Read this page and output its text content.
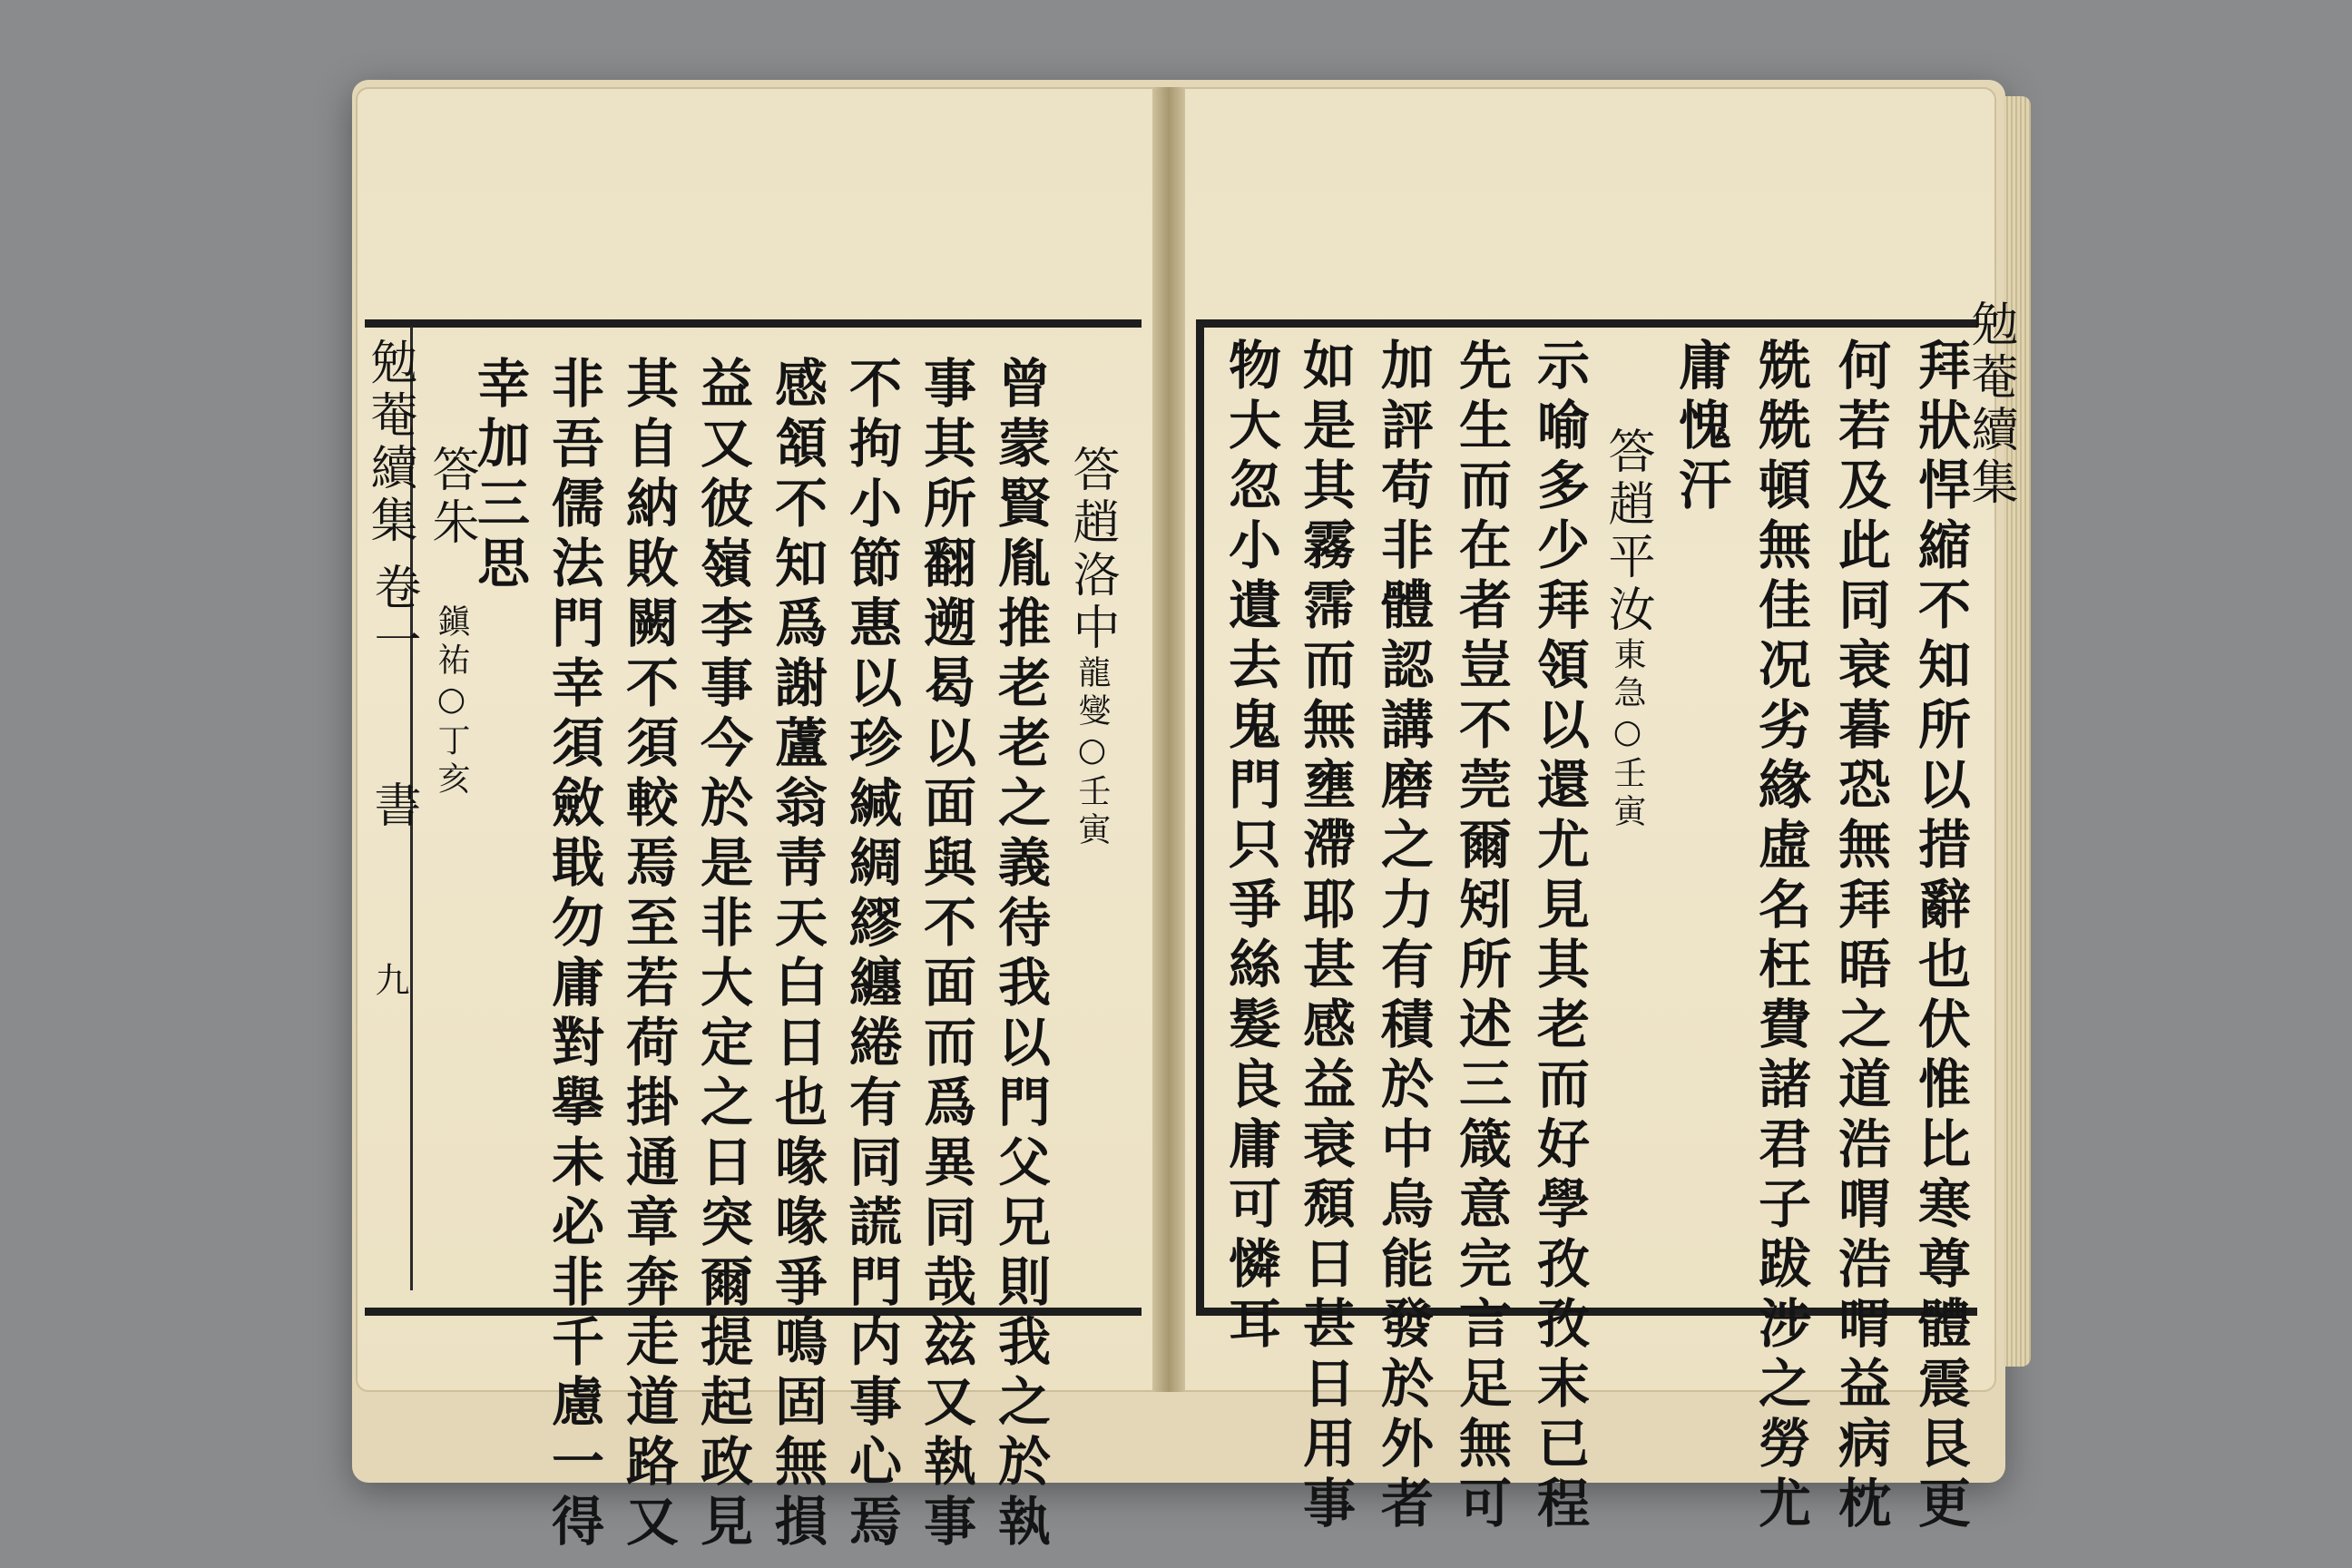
勉菴續集
卷一
書
九
答趙洛中龍燮○壬寅
曾蒙賢胤推老老之義待我以門父兄則我之於執
事其所翻遡曷以面與不面而爲異同哉玆又執事
不拘小節惠以珍緘綢繆纏綣有同謊門内事心焉
感頷不知爲謝蘆翁靑天白日也喙喙爭鳴固無損
益又彼嶺李事今於是非大定之日突爾提起政見
其自納敗闕不須較焉至若荷掛通章奔走道路又
非吾儒法門幸須斂戢勿庸對擧未必非千慮一得
幸加三思
答朱鎭祐○丁亥	拜狀悍縮不知所以措辭也伏惟比寒尊體震艮更
何若及此同衰暮恐無拜晤之道浩喟浩喟益病枕
兟兟頓無佳况劣緣虛名枉費諸君子跋涉之勞尤
庸愧汗
答趙平汝東急○壬寅
示喻多少拜領以還尤見其老而好學孜孜末已程
先生而在者豈不莞爾矧所述三箴意完言足無可
加評苟非體認講磨之力有積於中烏能發於外者
如是其霧霈而無壅滯耶甚感益衰頹日甚日用事
物大忽小遺去鬼門只爭絲髮良庸可憐耳	勉菴續集
